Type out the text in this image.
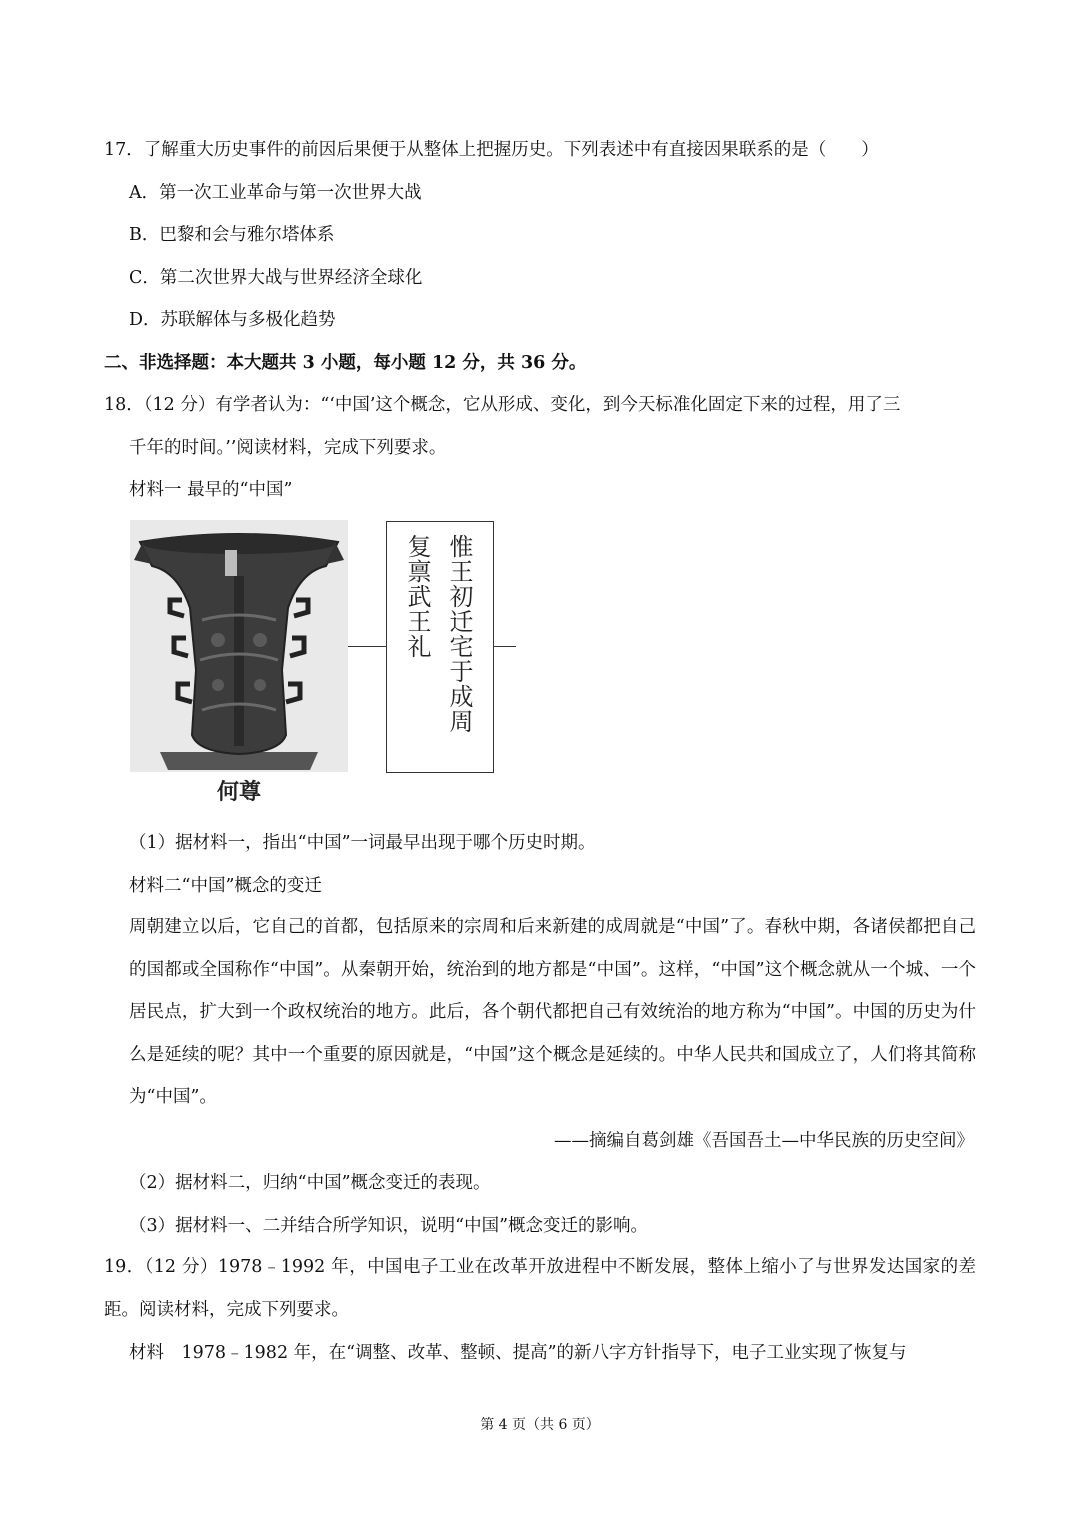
17．了解重大历史事件的前因后果便于从整体上把握历史。下列表述中有直接因果联系的是（　　）
A．第一次工业革命与第一次世界大战
B．巴黎和会与雅尔塔体系
C．第二次世界大战与世界经济全球化
D．苏联解体与多极化趋势
二、非选择题：本大题共 3 小题，每小题 12 分，共 36 分。
18．（12 分）有学者认为：“‘中国’这个概念，它从形成、变化，到今天标准化固定下来的过程，用了三
千年的时间。’’阅读材料，完成下列要求。
材料一 最早的“中国”
何尊
惟王初迁宅于成周
复禀武王礼
（1）据材料一，指出“中国”一词最早出现于哪个历史时期。
材料二“中国”概念的变迁
周朝建立以后，它自己的首都，包括原来的宗周和后来新建的成周就是“中国”了。春秋中期，各诸侯都把自己的国都或全国称作“中国”。从秦朝开始，统治到的地方都是“中国”。这样，“中国”这个概念就从一个城、一个居民点，扩大到一个政权统治的地方。此后，各个朝代都把自己有效统治的地方称为“中国”。中国的历史为什么是延续的呢？其中一个重要的原因就是，“中国”这个概念是延续的。中华人民共和国成立了，人们将其简称为“中国”。
——摘编自葛剑雄《吾国吾土—中华民族的历史空间》
（2）据材料二，归纳“中国”概念变迁的表现。
（3）据材料一、二并结合所学知识，说明“中国”概念变迁的影响。
19．（12 分）1978﹣1992 年，中国电子工业在改革开放进程中不断发展，整体上缩小了与世界发达国家的差距。阅读材料，完成下列要求。
材料　1978﹣1982 年，在“调整、改革、整顿、提高”的新八字方针指导下，电子工业实现了恢复与
第 4 页（共 6 页）
